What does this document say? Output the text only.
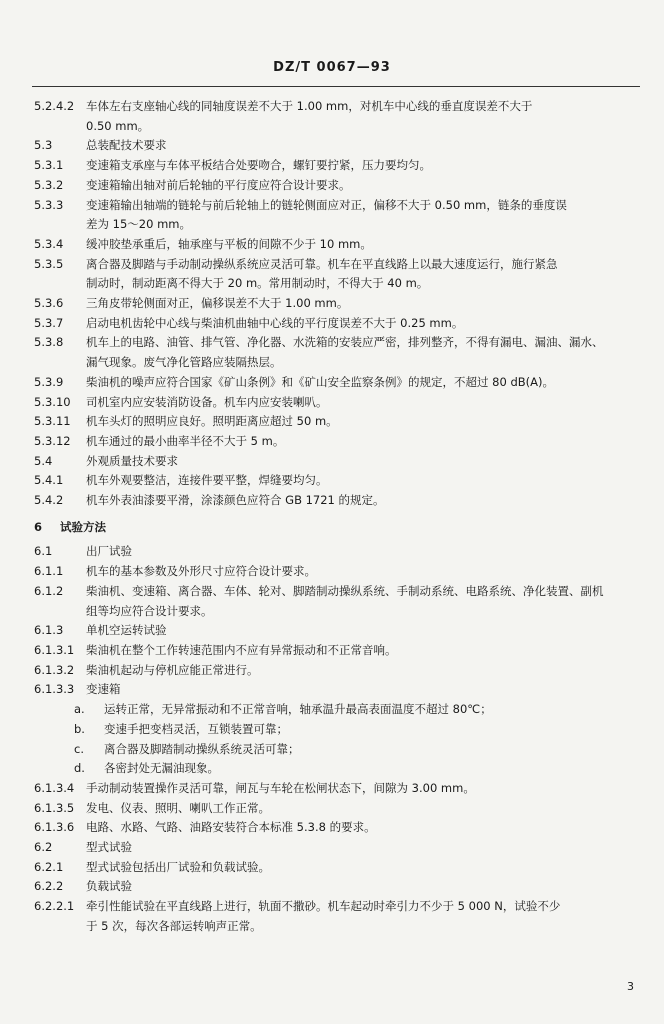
DZ/T 0067—93
5.2.4.2 车体左右支座轴心线的同轴度误差不大于 1.00 mm，对机车中心线的垂直度误差不大于
0.50 mm。
5.3	总装配技术要求
5.3.1 变速箱支承座与车体平板结合处要吻合，螺钉要拧紧，压力要均匀。
5.3.2 变速箱输出轴对前后轮轴的平行度应符合设计要求。
5.3.3 变速箱输出轴端的链轮与前后轮轴上的链轮侧面应对正，偏移不大于 0.50 mm，链条的垂度误
差为 15～20 mm。
5.3.4 缓冲胶垫承重后，轴承座与平板的间隙不少于 10 mm。
5.3.5 离合器及脚踏与手动制动操纵系统应灵活可靠。机车在平直线路上以最大速度运行，施行紧急
制动时，制动距离不得大于 20 m。常用制动时，不得大于 40 m。
5.3.6 三角皮带轮侧面对正，偏移误差不大于 1.00 mm。
5.3.7 启动电机齿轮中心线与柴油机曲轴中心线的平行度误差不大于 0.25 mm。
5.3.8 机车上的电路、油管、排气管、净化器、水洗箱的安装应严密，排列整齐，不得有漏电、漏油、漏水、
漏气现象。废气净化管路应装隔热层。
5.3.9 柴油机的噪声应符合国家《矿山条例》和《矿山安全监察条例》的规定，不超过 80 dB(A)。
5.3.10 司机室内应安装消防设备。机车内应安装喇叭。
5.3.11 机车头灯的照明应良好。照明距离应超过 50 m。
5.3.12 机车通过的最小曲率半径不大于 5 m。
5.4	外观质量技术要求
5.4.1 机车外观要整洁，连接件要平整，焊缝要均匀。
5.4.2 机车外表油漆要平滑，涂漆颜色应符合 GB 1721 的规定。
6 试验方法
6.1	出厂试验
6.1.1 机车的基本参数及外形尺寸应符合设计要求。
6.1.2 柴油机、变速箱、离合器、车体、轮对、脚踏制动操纵系统、手制动系统、电路系统、净化装置、副机
组等均应符合设计要求。
6.1.3 单机空运转试验
6.1.3.1 柴油机在整个工作转速范围内不应有异常振动和不正常音响。
6.1.3.2 柴油机起动与停机应能正常进行。
6.1.3.3 变速箱
a. 运转正常，无异常振动和不正常音响，轴承温升最高表面温度不超过 80℃；
b. 变速手把变档灵活，互锁装置可靠；
c. 离合器及脚踏制动操纵系统灵活可靠；
d. 各密封处无漏油现象。
6.1.3.4 手动制动装置操作灵活可靠，闸瓦与车轮在松闸状态下，间隙为 3.00 mm。
6.1.3.5 发电、仪表、照明、喇叭工作正常。
6.1.3.6 电路、水路、气路、油路安装符合本标准 5.3.8 的要求。
6.2	型式试验
6.2.1 型式试验包括出厂试验和负载试验。
6.2.2 负载试验
6.2.2.1 牵引性能试验在平直线路上进行，轨面不撒砂。机车起动时牵引力不少于 5 000 N，试验不少
于 5 次，每次各部运转响声正常。
3
